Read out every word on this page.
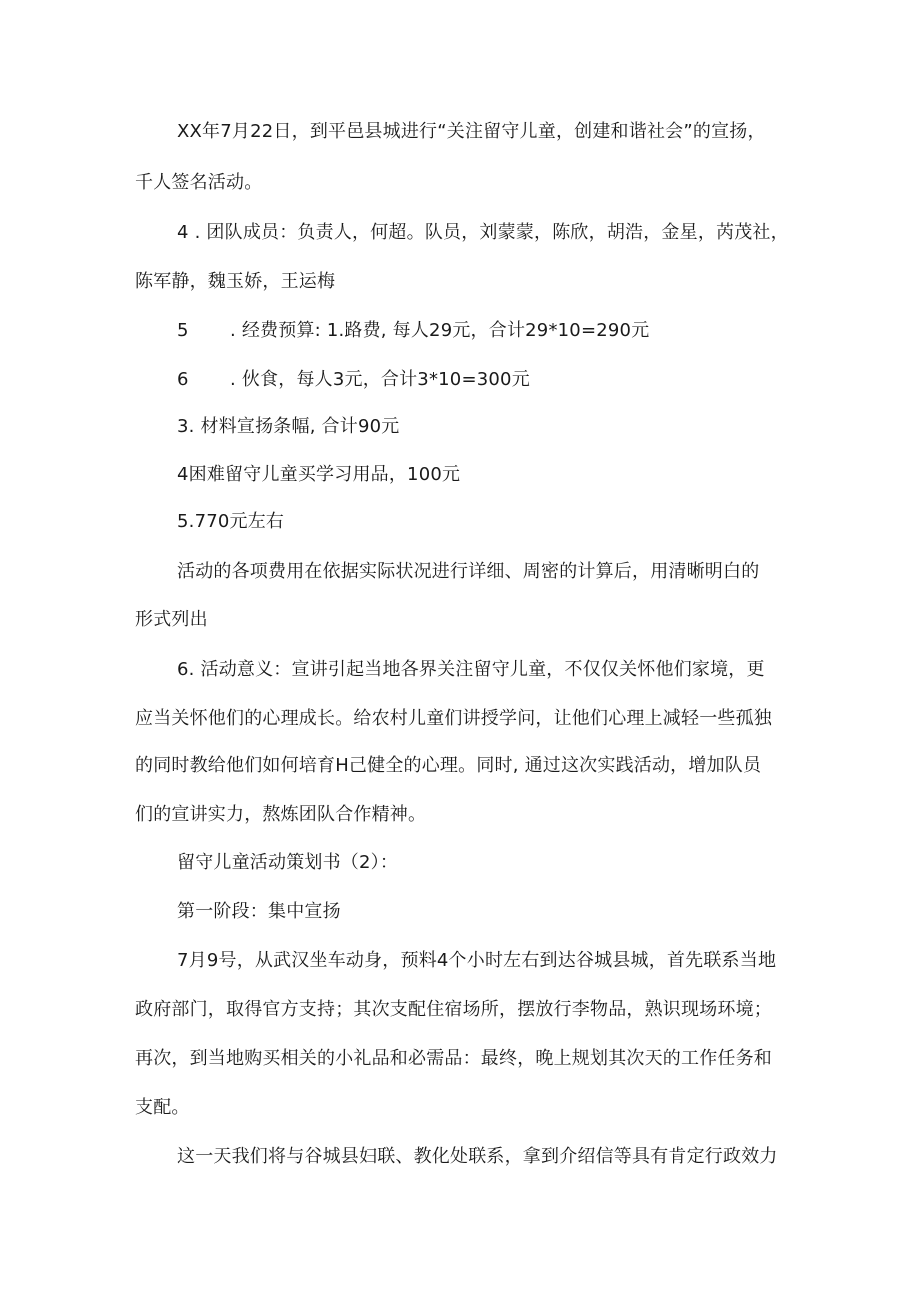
XX年7月22日，到平邑县城进行“关注留守儿童，创建和谐社会”的宣扬，
千人签名活动。
4 . 团队成员：负责人，何超。队员，刘蒙蒙，陈欣，胡浩，金星，芮茂社，
陈军静，魏玉娇，王运梅
5 . 经费预算: 1.路费, 每人29元，合计29*10=290元
6 . 伙食，每人3元，合计3*10=300元
3. 材料宣扬条幅, 合计90元
4困难留守儿童买学习用品，100元
5.770元左右
活动的各项费用在依据实际状况进行详细、周密的计算后，用清晰明白的
形式列出
6. 活动意义：宣讲引起当地各界关注留守儿童，不仅仅关怀他们家境，更
应当关怀他们的心理成长。给农村儿童们讲授学问，让他们心理上减轻一些孤独
的同时教给他们如何培育H己健全的心理。同时, 通过这次实践活动，增加队员
们的宣讲实力，熬炼团队合作精神。
留守儿童活动策划书（2）：
第一阶段：集中宣扬
7月9号，从武汉坐车动身，预料4个小时左右到达谷城县城，首先联系当地
政府部门，取得官方支持；其次支配住宿场所，摆放行李物品，熟识现场环境；
再次，到当地购买相关的小礼品和必需品：最终，晚上规划其次天的工作任务和
支配。
这一天我们将与谷城县妇联、教化处联系，拿到介绍信等具有肯定行政效力
